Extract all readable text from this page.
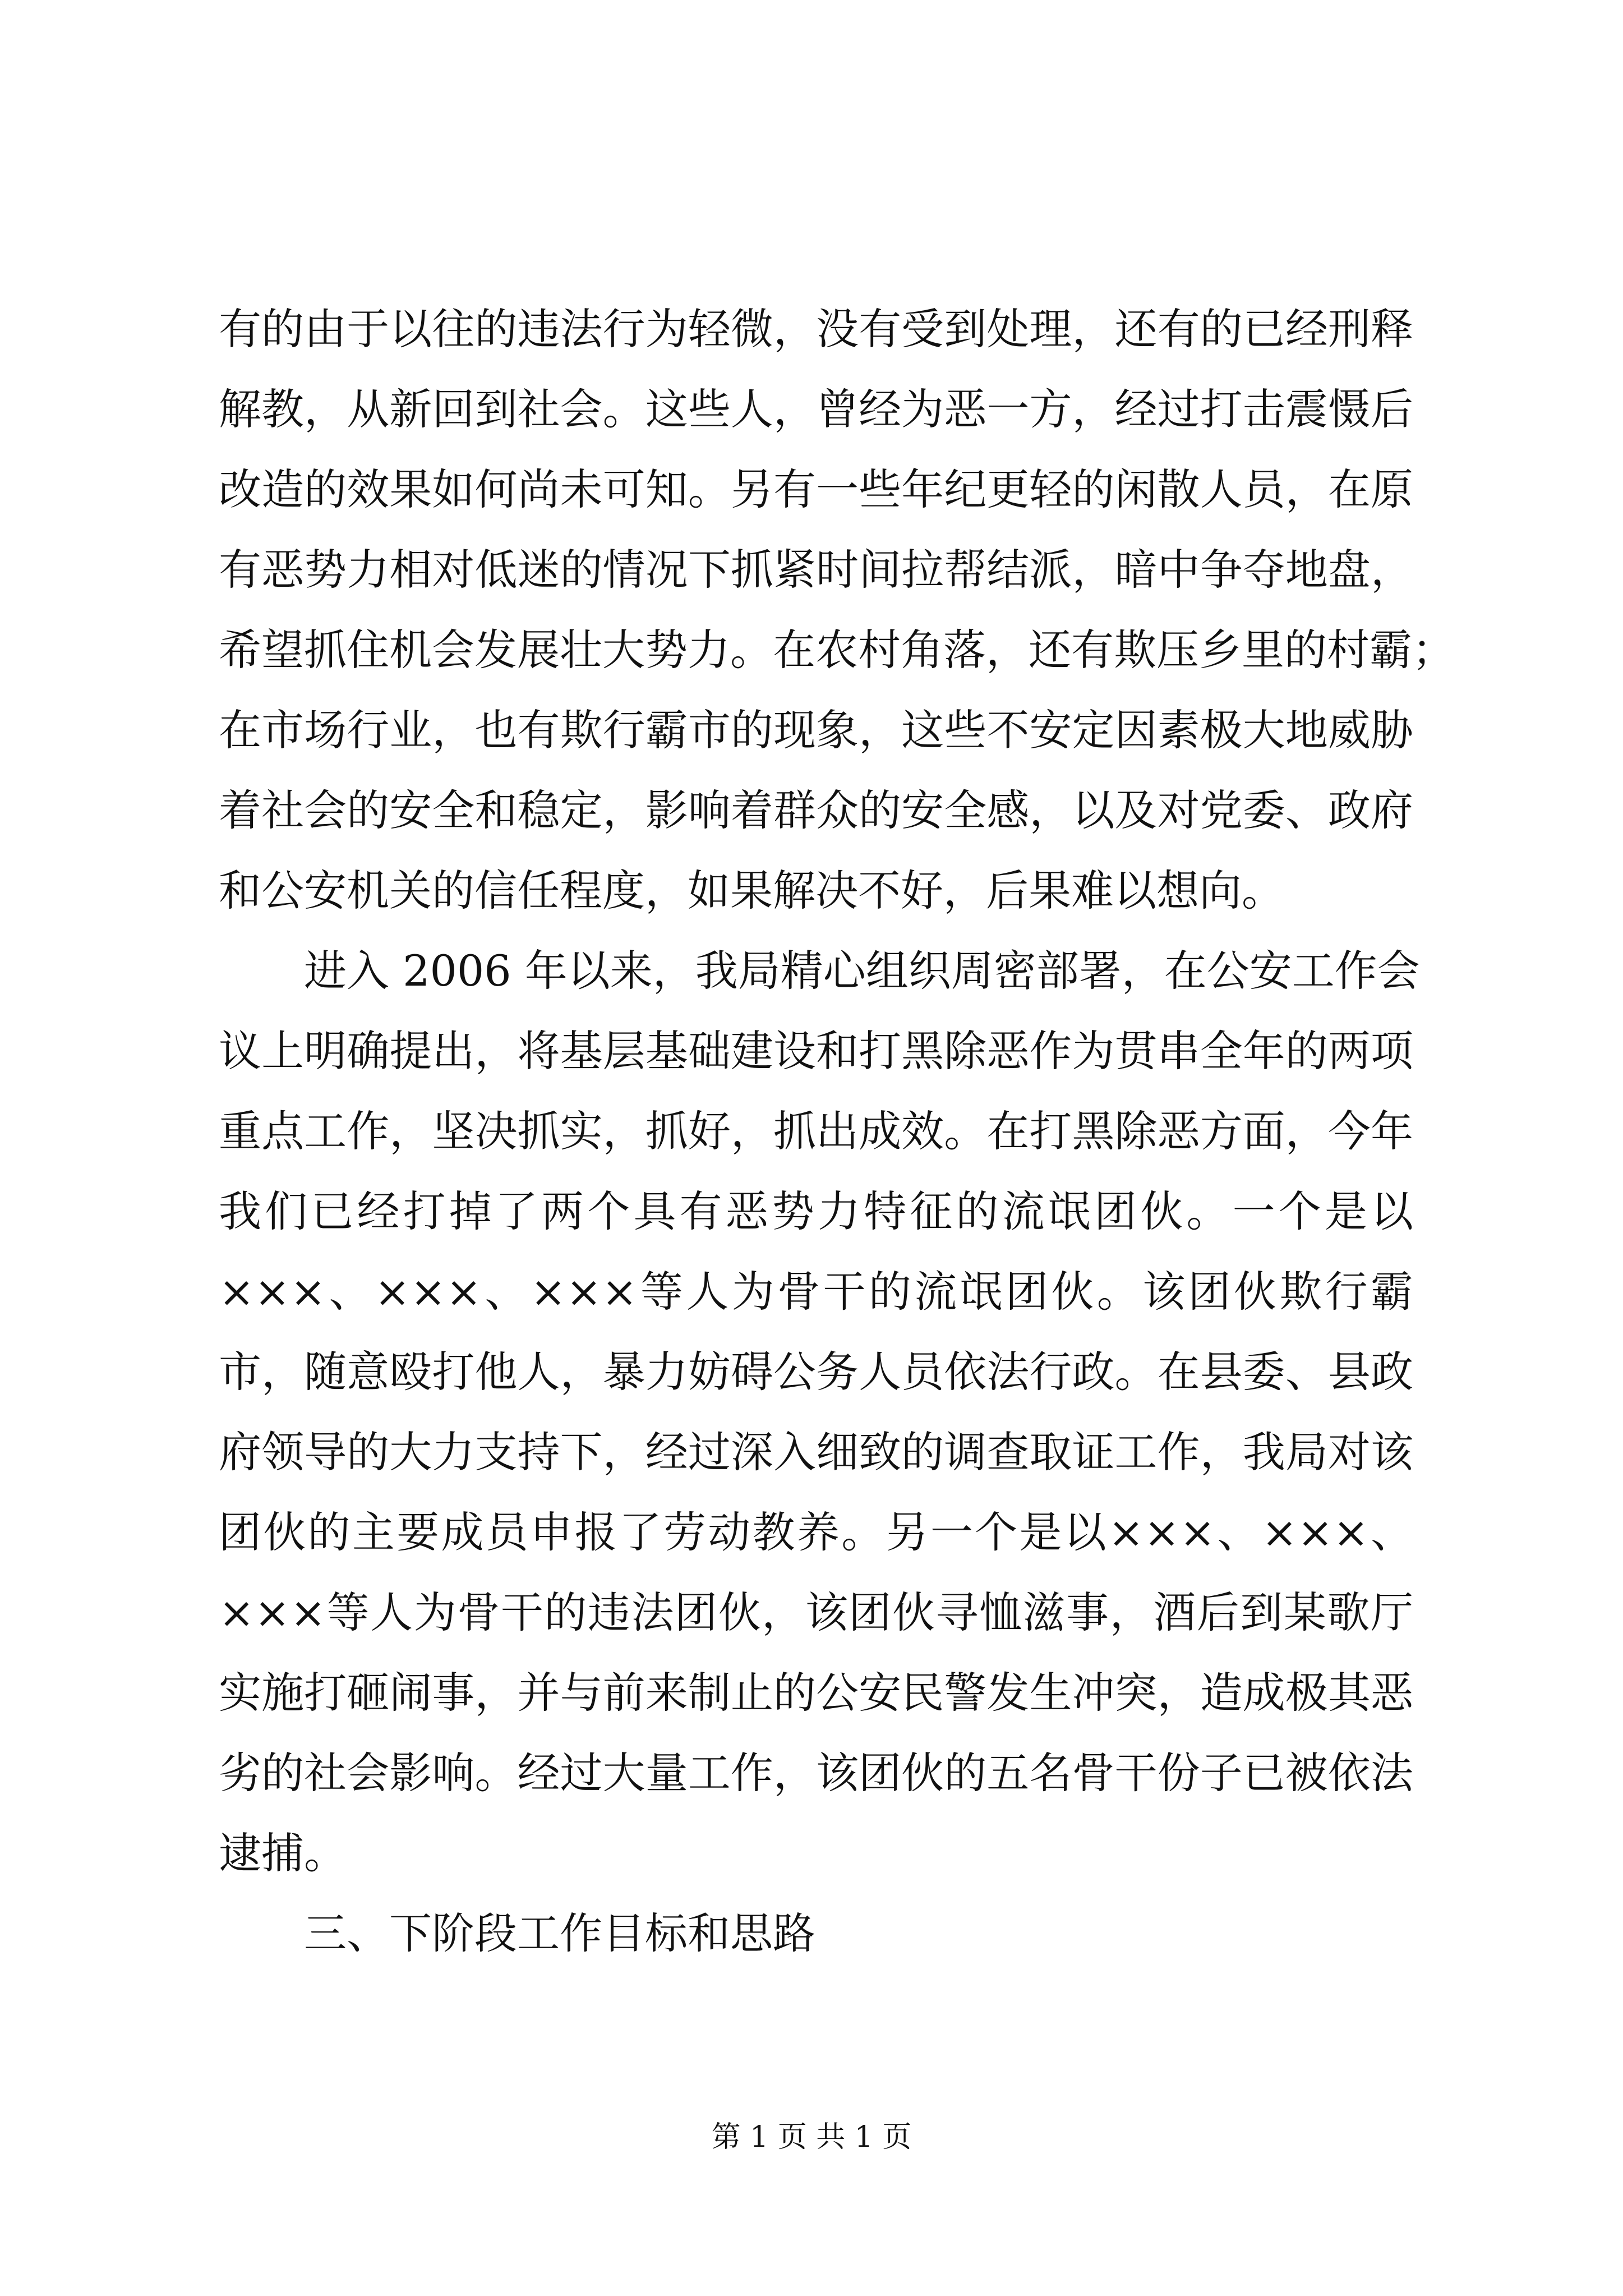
有的由于以往的违法行为轻微，没有受到处理，还有的已经刑释
解教，从新回到社会。这些人，曾经为恶一方，经过打击震慑后
改造的效果如何尚未可知。另有一些年纪更轻的闲散人员，在原
有恶势力相对低迷的情况下抓紧时间拉帮结派，暗中争夺地盘，
希望抓住机会发展壮大势力。在农村角落，还有欺压乡里的村霸；
在市场行业，也有欺行霸市的现象，这些不安定因素极大地威胁
着社会的安全和稳定，影响着群众的安全感，以及对党委、政府
和公安机关的信任程度，如果解决不好，后果难以想向。
进入 2006 年以来，我局精心组织周密部署，在公安工作会
议上明确提出，将基层基础建设和打黑除恶作为贯串全年的两项
重点工作，坚决抓实，抓好，抓出成效。在打黑除恶方面，今年
我们已经打掉了两个具有恶势力特征的流氓团伙。一个是以
×××、×××、×××等人为骨干的流氓团伙。该团伙欺行霸
市，随意殴打他人，暴力妨碍公务人员依法行政。在县委、县政
府领导的大力支持下，经过深入细致的调查取证工作，我局对该
团伙的主要成员申报了劳动教养。另一个是以×××、×××、
×××等人为骨干的违法团伙，该团伙寻恤滋事，酒后到某歌厅
实施打砸闹事，并与前来制止的公安民警发生冲突，造成极其恶
劣的社会影响。经过大量工作，该团伙的五名骨干份子已被依法
逮捕。
三、下阶段工作目标和思路
第 1 页 共 1 页
